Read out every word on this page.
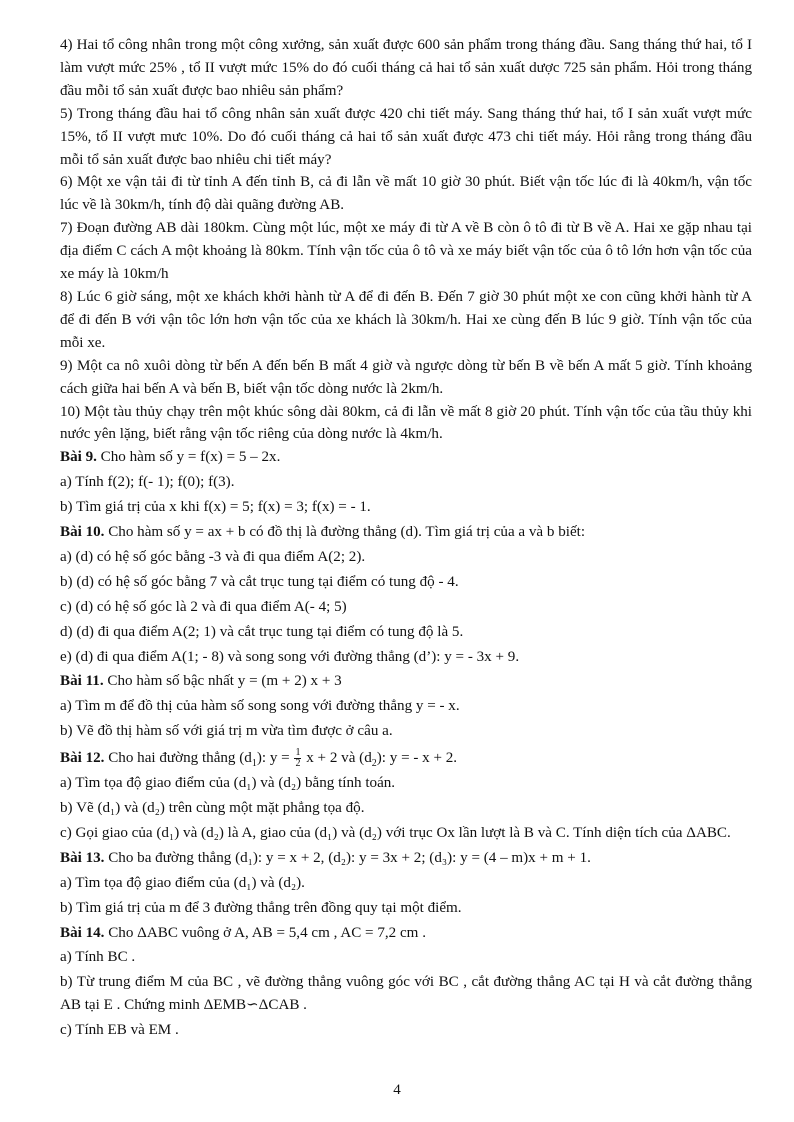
4) Hai tổ công nhân trong một công xưởng, sản xuất được 600 sản phẩm trong tháng đầu. Sang tháng thứ hai, tổ I làm vượt mức 25% , tổ II vượt mức 15% do đó cuối tháng cả hai tổ sản xuất dược 725 sản phẩm. Hỏi trong tháng đầu mỗi tổ sản xuất được bao nhiêu sản phẩm?

5) Trong tháng đầu hai tổ công nhân sản xuất được 420 chi tiết máy. Sang tháng thứ hai, tổ I sản xuất vượt mức 15%, tổ II vượt mưc 10%. Do đó cuối tháng cả hai tổ sản xuất được 473 chi tiết máy. Hỏi rằng trong tháng đầu mỗi tổ sản xuất được bao nhiêu chi tiết máy?

6) Một xe vận tải đi từ tỉnh A đến tỉnh B, cả đi lẫn về mất 10 giờ 30 phút. Biết vận tốc lúc đi là 40km/h, vận tốc lúc về là 30km/h, tính độ dài quãng đường AB.

7) Đoạn đường AB dài 180km. Cùng một lúc, một xe máy đi từ A về B còn ô tô đi từ B về A. Hai xe gặp nhau tại địa điểm C cách A một khoảng là 80km. Tính vận tốc của ô tô và xe máy biết vận tốc của ô tô lớn hơn vận tốc của xe máy là 10km/h

8) Lúc 6 giờ sáng, một xe khách khởi hành từ A để đi đến B. Đến 7 giờ 30 phút một xe con cũng khởi hành từ A để đi đến B với vận tôc lớn hơn vận tốc của xe khách là 30km/h. Hai xe cùng đến B lúc 9 giờ. Tính vận tốc của mỗi xe.

9) Một ca nô xuôi dòng từ bến A đến bến B mất 4 giờ và ngược dòng từ bến B về bến A mất 5 giờ. Tính khoảng cách giữa hai bến A và bến B, biết vận tốc dòng nước là 2km/h.

10) Một tàu thủy chạy trên một khúc sông dài 80km, cả đi lẫn về mất 8 giờ 20 phút. Tính vận tốc của tầu thủy khi nước yên lặng, biết rằng vận tốc riêng của dòng nước là 4km/h.

Bài 9. Cho hàm số y = f(x) = 5 – 2x.

a) Tính f(2); f(- 1); f(0); f(3).

b) Tìm giá trị của x khi f(x) = 5; f(x) = 3; f(x) = - 1.

Bài 10. Cho hàm số y = ax + b có đồ thị là đường thẳng (d). Tìm giá trị của a và b biết:

a) (d) có hệ số góc bằng -3 và đi qua điểm A(2; 2).

b) (d) có hệ số góc bằng 7 và cắt trục tung tại điểm có tung độ - 4.

c) (d) có hệ số góc là 2 và đi qua điểm A(- 4; 5)

d) (d) đi qua điểm A(2; 1) và cắt trục tung tại điểm có tung độ là 5.

e) (d) đi qua điểm A(1; - 8) và song song với đường thẳng (d’): y = - 3x + 9.

Bài 11. Cho hàm số bậc nhất y = (m + 2) x + 3

a) Tìm m để đồ thị của hàm số song song với đường thẳng y = - x.

b) Vẽ đồ thị hàm số với giá trị m vừa tìm được ở câu a.

Bài 12. Cho hai đường thẳng $(d_1)$: $y = \frac{1}{2}$ x + 2 và $(d_2)$: y = - x + 2.

a) Tìm tọa độ giao điểm của (d₁) và (d₂) bằng tính toán.

b) Vẽ (d₁) và (d₂) trên cùng một mặt phẳng tọa độ.

c) Gọi giao của (d₁) và (d₂) là A, giao của (d₁) và (d₂) với trục Ox lần lượt là B và C. Tính diện tích của ΔABC.

Bài 13. Cho ba đường thẳng (d₁): y = x + 2, (d₂): y = 3x + 2; (d₃): y = (4 – m)x + m + 1.

a) Tìm tọa độ giao điểm của (d₁) và (d₂).

b) Tìm giá trị của m để 3 đường thẳng trên đồng quy tại một điểm.

Bài 14. Cho ΔABC vuông ở A, AB = 5,4 cm , AC = 7,2 cm .

a) Tính BC .

b) Từ trung điểm M của BC , vẽ đường thẳng vuông góc với BC , cắt đường thẳng AC tại H và cắt đường thẳng AB tại E . Chứng minh ΔEMB∽ΔCAB .

c) Tính EB và EM .

4
